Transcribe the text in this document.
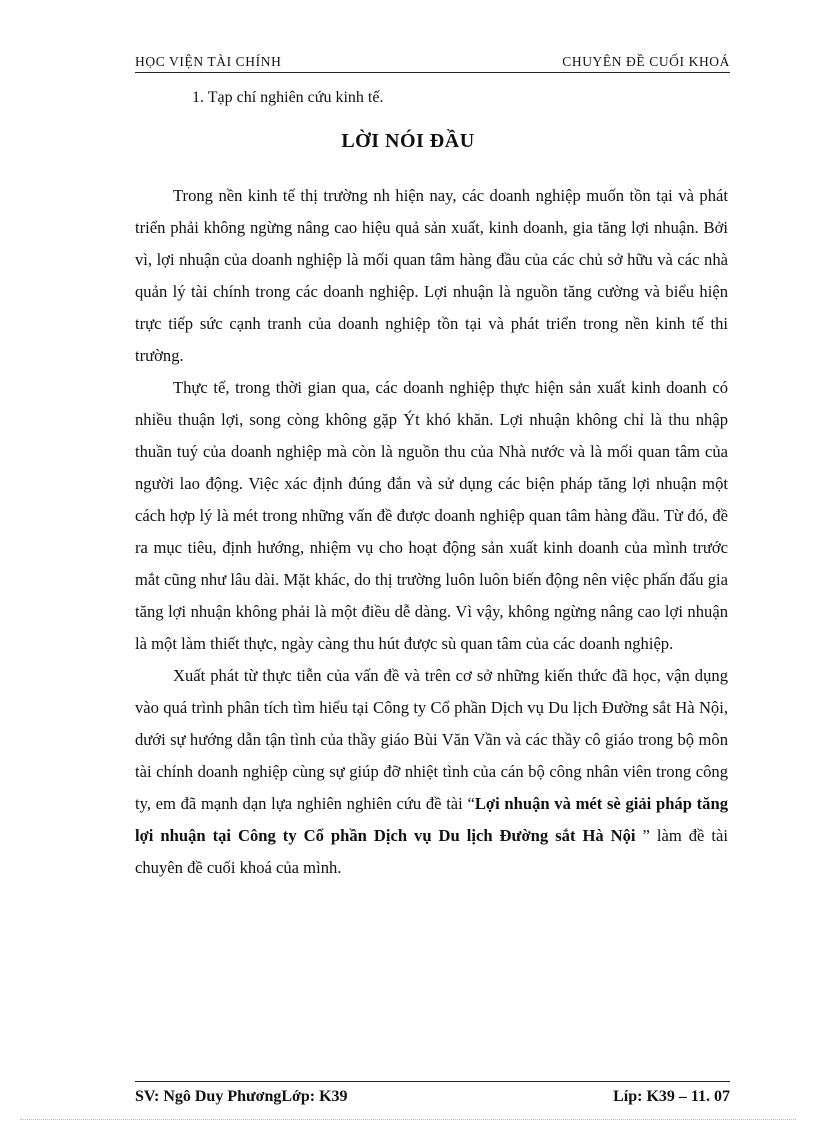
HỌC VIỆN TÀI CHÍNH	CHUYÊN ĐỀ CUỐI KHOÁ
1. Tạp chí nghiên cứu kinh tế.
LỜI NÓI ĐẦU

Trong nền kinh tế thị trường nh hiện nay, các doanh nghiệp muốn tồn tại và phát triển phải không ngừng nâng cao hiệu quả sản xuất, kinh doanh, gia tăng lợi nhuận. Bởi vì, lợi nhuận của doanh nghiệp là mối quan tâm hàng đầu của các chủ sở hữu và các nhà quản lý tài chính trong các doanh nghiệp. Lợi nhuận là nguồn tăng cường và biểu hiện trực tiếp sức cạnh tranh của doanh nghiệp tồn tại và phát triển trong nền kinh tế thi trường.

Thực tế, trong thời gian qua, các doanh nghiệp thực hiện sản xuất kinh doanh có nhiều thuận lợi, song còng không gặp Ýt khó khăn. Lợi nhuận không chỉ là thu nhập thuần tuý của doanh nghiệp mà còn là nguồn thu của Nhà nước và là mối quan tâm của người lao động. Việc xác định đúng đắn và sử dụng các biện pháp tăng lợi nhuận một cách hợp lý là mét trong những vấn đề được doanh nghiệp quan tâm hàng đầu. Từ đó, đề ra mục tiêu, định hướng, nhiệm vụ cho hoạt động sản xuất kinh doanh của mình trước mắt cũng như lâu dài. Mặt khác, do thị trường luôn luôn biến động nên việc phấn đấu gia tăng lợi nhuận không phải là một điều dễ dàng. Vì vậy, không ngừng nâng cao lợi nhuận là một làm thiết thực, ngày càng thu hút được sù quan tâm của các doanh nghiệp.

Xuất phát từ thực tiễn của vấn đề và trên cơ sở những kiến thức đã học, vận dụng vào quá trình phân tích tìm hiểu tại Công ty Cổ phần Dịch vụ Du lịch Đường sắt Hà Nội, dưới sự hướng dẫn tận tình của thầy giáo Bùi Văn Vần và các thầy cô giáo trong bộ môn tài chính doanh nghiệp cùng sự giúp đỡ nhiệt tình của cán bộ công nhân viên trong công ty, em đã mạnh dạn lựa nghiên nghiên cứu đề tài “Lợi nhuận và mét sè giải pháp tăng lợi nhuận tại Công ty Cổ phần Dịch vụ Du lịch Đường sắt Hà Nội ” làm đề tài chuyên đề cuối khoá của mình.

SV: Ngô Duy PhươngLớp: K39	Líp: K39 – 11. 07
